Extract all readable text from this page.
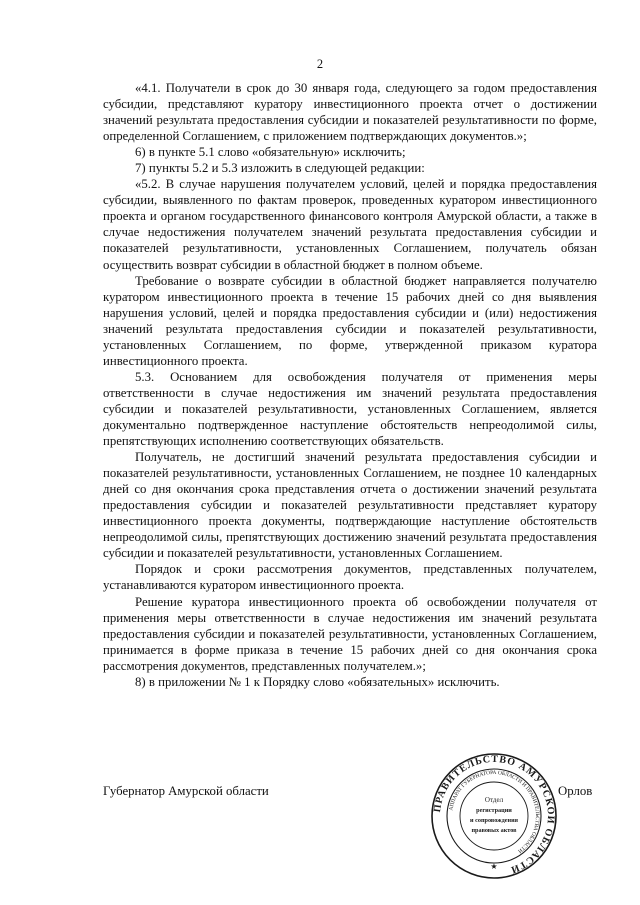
2

«4.1. Получатели в срок до 30 января года, следующего за годом предоставления субсидии, представляют куратору инвестиционного проекта отчет о достижении значений результата предоставления субсидии и показателей результативности по форме, определенной Соглашением, с приложением подтверждающих документов.»;

6) в пункте 5.1 слово «обязательную» исключить;

7) пункты 5.2 и 5.3 изложить в следующей редакции:

«5.2. В случае нарушения получателем условий, целей и порядка предоставления субсидии, выявленного по фактам проверок, проведенных куратором инвестиционного проекта и органом государственного финансового контроля Амурской области, а также в случае недостижения получателем значений результата предоставления субсидии и показателей результативности, установленных Соглашением, получатель обязан осуществить возврат субсидии в областной бюджет в полном объеме.

Требование о возврате субсидии в областной бюджет направляется получателю куратором инвестиционного проекта в течение 15 рабочих дней со дня выявления нарушения условий, целей и порядка предоставления субсидии и (или) недостижения значений результата предоставления субсидии и показателей результативности, установленных Соглашением, по форме, утвержденной приказом куратора инвестиционного проекта.

5.3. Основанием для освобождения получателя от применения меры ответственности в случае недостижения им значений результата предоставления субсидии и показателей результативности, установленных Соглашением, является документально подтвержденное наступление обстоятельств непреодолимой силы, препятствующих исполнению соответствующих обязательств.

Получатель, не достигший значений результата предоставления субсидии и показателей результативности, установленных Соглашением, не позднее 10 календарных дней со дня окончания срока представления отчета о достижении значений результата предоставления субсидии и показателей результативности представляет куратору инвестиционного проекта документы, подтверждающие наступление обстоятельств непреодолимой силы, препятствующих достижению значений результата предоставления субсидии и показателей результативности, установленных Соглашением.

Порядок и сроки рассмотрения документов, представленных получателем, устанавливаются куратором инвестиционного проекта.

Решение куратора инвестиционного проекта об освобождении получателя от применения меры ответственности в случае недостижения им значений результата предоставления субсидии и показателей результативности, установленных Соглашением, принимается в форме приказа в течение 15 рабочих дней со дня окончания срока рассмотрения документов, представленных получателем.»;

8) в приложении № 1 к Порядку слово «обязательных» исключить.

Губернатор Амурской области	Орлов
ПРАВИТЕЛЬСТВО АМУРСКОЙ ОБЛАСТИ
АППАРАТ ГУБЕРНАТОРА ОБЛАСТИ И ПРАВИТЕЛЬСТВА ОБЛАСТИ
Отдел
регистрации
и сопровождения
правовых актов
★
